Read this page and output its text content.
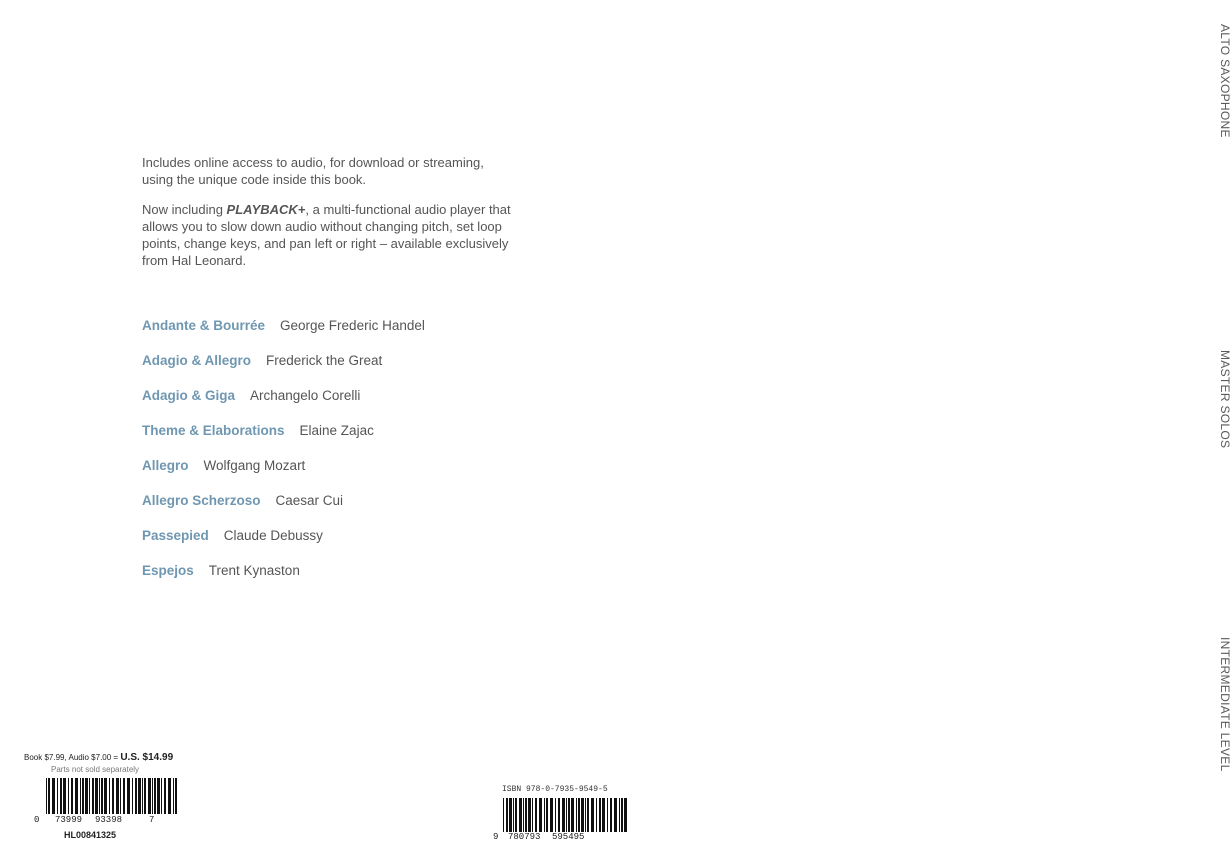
ALTO SAXOPHONE
MASTER SOLOS
INTERMEDIATE LEVEL

Includes online access to audio, for download or streaming, using the unique code inside this book.

Now including PLAYBACK+, a multi-functional audio player that allows you to slow down audio without changing pitch, set loop points, change keys, and pan left or right – available exclusively from Hal Leonard.

Andante & Bourrée George Frederic Handel
Adagio & Allegro Frederick the Great
Adagio & Giga Archangelo Corelli
Theme & Elaborations Elaine Zajac
Allegro Wolfgang Mozart
Allegro Scherzoso Caesar Cui
Passepied Claude Debussy
Espejos Trent Kynaston
Book $7.99, Audio $7.00 = U.S. $14.99
Parts not sold separately
0 73999 93398	7
HL00841325
ISBN 978-0-7935-9549-5
9 780793 595495
